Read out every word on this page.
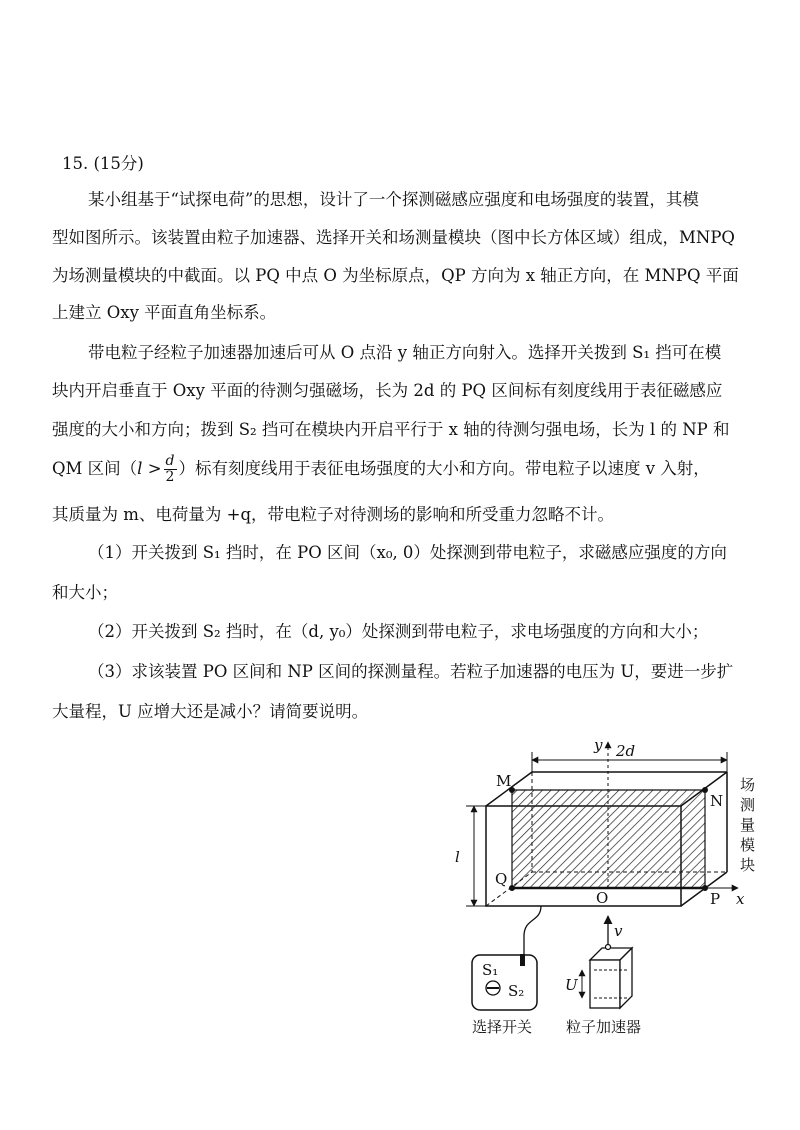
15. (15分)
某小组基于“试探电荷”的思想，设计了一个探测磁感应强度和电场强度的装置，其模
型如图所示。该装置由粒子加速器、选择开关和场测量模块（图中长方体区域）组成，MNPQ
为场测量模块的中截面。以 PQ 中点 O 为坐标原点，QP 方向为 x 轴正方向，在 MNPQ 平面
上建立 Oxy 平面直角坐标系。
带电粒子经粒子加速器加速后可从 O 点沿 y 轴正方向射入。选择开关拨到 S₁ 挡可在模
块内开启垂直于 Oxy 平面的待测匀强磁场，长为 2d 的 PQ 区间标有刻度线用于表征磁感应
强度的大小和方向；拨到 S₂ 挡可在模块内开启平行于 x 轴的待测匀强电场，长为 l 的 NP 和
QM 区间（$l > \frac{d}{2}$ ）标有刻度线用于表征电场强度的大小和方向。带电粒子以速度 v 入射，
其质量为 m、电荷量为 +q，带电粒子对待测场的影响和所受重力忽略不计。
（1）开关拨到 S₁ 挡时，在 PO 区间（x₀, 0）处探测到带电粒子，求磁感应强度的方向
和大小；
（2）开关拨到 S₂ 挡时，在（d, y₀）处探测到带电粒子，求电场强度的方向和大小；
（3）求该装置 PO 区间和 NP 区间的探测量程。若粒子加速器的电压为 U，要进一步扩
大量程，U 应增大还是减小？请简要说明。
y 2d
M
N
Q
O	P x
l
v
U
S₁
S₂
场
测
量
模
块
选择开关 粒子加速器
